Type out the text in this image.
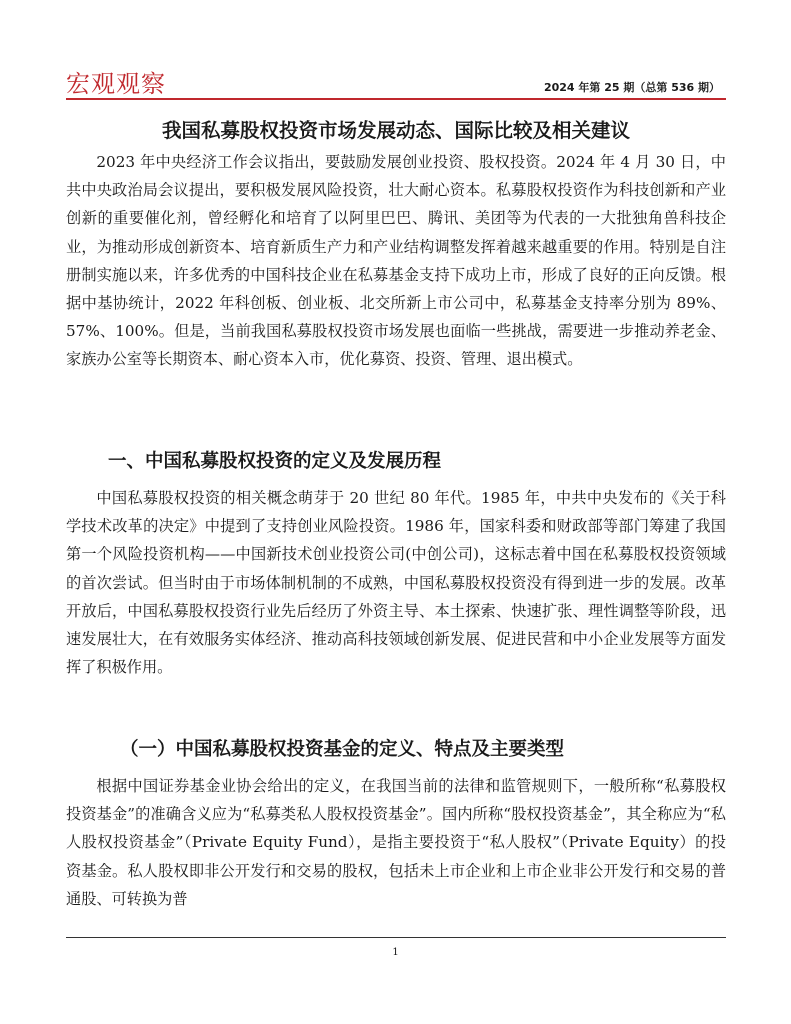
宏观观察	2024 年第 25 期（总第 536 期）
我国私募股权投资市场发展动态、国际比较及相关建议

2023 年中央经济工作会议指出，要鼓励发展创业投资、股权投资。2024 年 4 月 30 日，中共中央政治局会议提出，要积极发展风险投资，壮大耐心资本。私募股权投资作为科技创新和产业创新的重要催化剂，曾经孵化和培育了以阿里巴巴、腾讯、美团等为代表的一大批独角兽科技企业，为推动形成创新资本、培育新质生产力和产业结构调整发挥着越来越重要的作用。特别是自注册制实施以来，许多优秀的中国科技企业在私募基金支持下成功上市，形成了良好的正向反馈。根据中基协统计，2022 年科创板、创业板、北交所新上市公司中，私募基金支持率分别为 89%、57%、100%。但是，当前我国私募股权投资市场发展也面临一些挑战，需要进一步推动养老金、家族办公室等长期资本、耐心资本入市，优化募资、投资、管理、退出模式。

一、中国私募股权投资的定义及发展历程

中国私募股权投资的相关概念萌芽于 20 世纪 80 年代。1985 年，中共中央发布的《关于科学技术改革的决定》中提到了支持创业风险投资。1986 年，国家科委和财政部等部门筹建了我国第一个风险投资机构——中国新技术创业投资公司(中创公司)，这标志着中国在私募股权投资领域的首次尝试。但当时由于市场体制机制的不成熟，中国私募股权投资没有得到进一步的发展。改革开放后，中国私募股权投资行业先后经历了外资主导、本土探索、快速扩张、理性调整等阶段，迅速发展壮大，在有效服务实体经济、推动高科技领域创新发展、促进民营和中小企业发展等方面发挥了积极作用。

（一）中国私募股权投资基金的定义、特点及主要类型

根据中国证券基金业协会给出的定义，在我国当前的法律和监管规则下，一般所称“私募股权投资基金”的准确含义应为“私募类私人股权投资基金”。国内所称“股权投资基金”，其全称应为“私人股权投资基金”（Private Equity Fund），是指主要投资于“私人股权”（Private Equity）的投资基金。私人股权即非公开发行和交易的股权，包括未上市企业和上市企业非公开发行和交易的普通股、可转换为普

1
